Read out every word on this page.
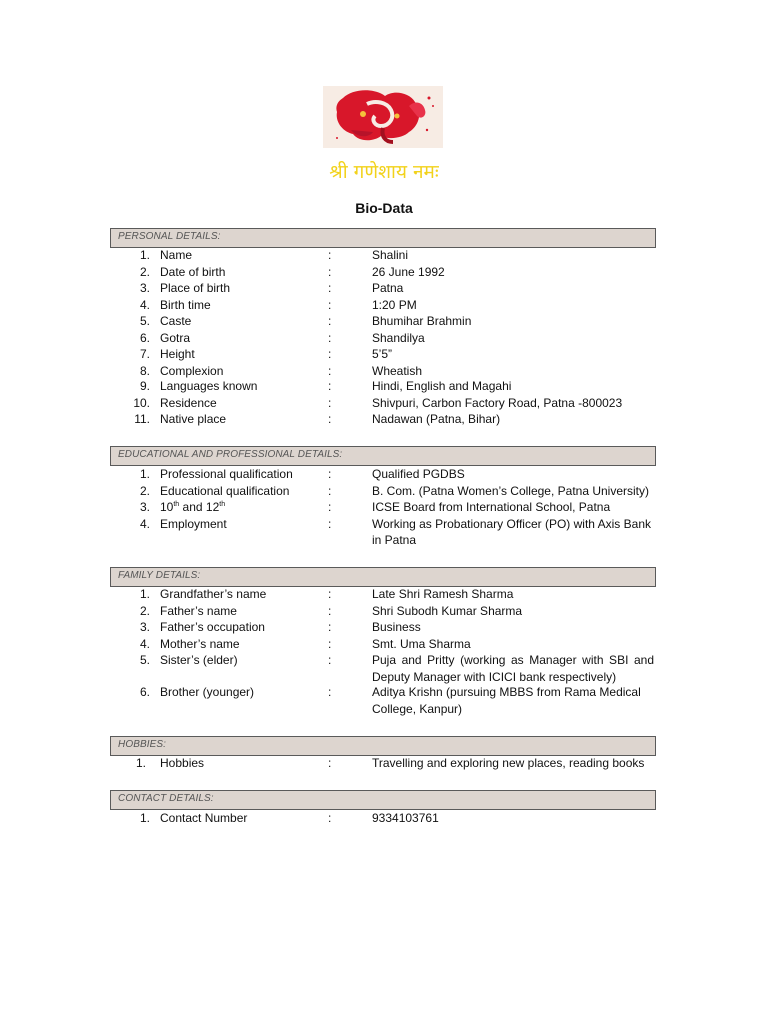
श्री गणेशाय नमः
Bio-Data
PERSONAL DETAILS:
1. Name	:	Shalini
2. Date of birth	:	26 June 1992
3. Place of birth	:	Patna
4. Birth time	:	1:20 PM
5. Caste	:	Bhumihar Brahmin
6. Gotra	:	Shandilya
7. Height	:	5’5”
8. Complexion	:	Wheatish
9. Languages known	:	Hindi, English and Magahi
10. Residence	:	Shivpuri, Carbon Factory Road, Patna -800023
11. Native place	:	Nadawan (Patna, Bihar)
EDUCATIONAL AND PROFESSIONAL DETAILS:
1. Professional qualification	:	Qualified PGDBS
2. Educational qualification	:	B. Com. (Patna Women’s College, Patna University)
3. 10th and 12th	:	ICSE Board from International School, Patna
4. Employment	:	Working as Probationary Officer (PO) with Axis Bank in Patna
FAMILY DETAILS:
1. Grandfather’s name	:	Late Shri Ramesh Sharma
2. Father’s name	:	Shri Subodh Kumar Sharma
3. Father’s occupation	:	Business
4. Mother’s name	:	Smt. Uma Sharma
5. Sister’s (elder)	:	Puja and Pritty (working as Manager with SBI and Deputy Manager with ICICI bank respectively)
6. Brother (younger)	:	Aditya Krishn (pursuing MBBS from Rama Medical College, Kanpur)
HOBBIES:
1. Hobbies	:	Travelling and exploring new places, reading books
CONTACT DETAILS:
1. Contact Number	:	9334103761
